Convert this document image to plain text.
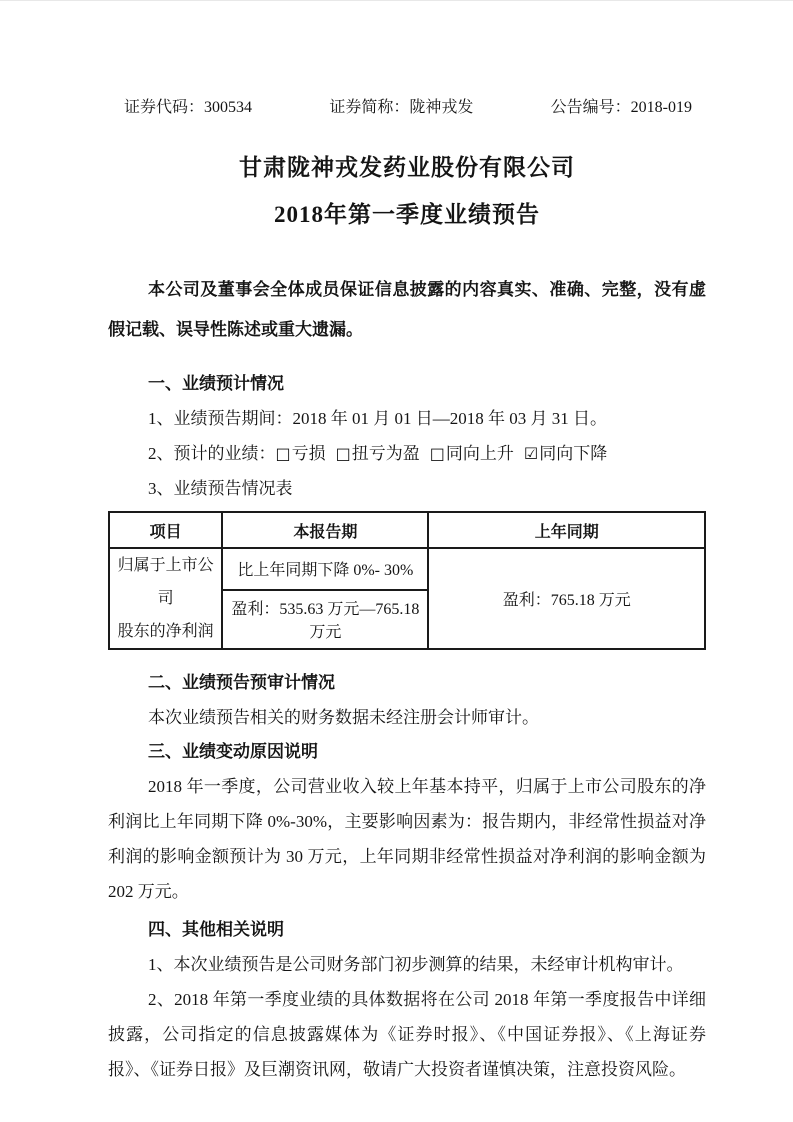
证券代码：300534	证券简称：陇神戎发	公告编号：2018-019
甘肃陇神戎发药业股份有限公司
2018年第一季度业绩预告

本公司及董事会全体成员保证信息披露的内容真实、准确、完整，没有虚假记载、误导性陈述或重大遗漏。

一、业绩预计情况
1、业绩预告期间：2018 年 01 月 01 日—2018 年 03 月 31 日。
2、预计的业绩：□亏损 □扭亏为盈 □同向上升 ☑同向下降
3、业绩预告情况表
项目	本报告期	上年同期

归属于上市公司
股东的净利润	比上年同期下降 0%- 30%	盈利：765.18 万元
	盈利：535.63 万元—765.18 万元	
二、业绩预告预审计情况
本次业绩预告相关的财务数据未经注册会计师审计。
三、业绩变动原因说明

2018 年一季度，公司营业收入较上年基本持平，归属于上市公司股东的净利润比上年同期下降 0%-30%，主要影响因素为：报告期内，非经常性损益对净利润的影响金额预计为 30 万元，上年同期非经常性损益对净利润的影响金额为 202 万元。

四、其他相关说明
1、本次业绩预告是公司财务部门初步测算的结果，未经审计机构审计。

2、2018 年第一季度业绩的具体数据将在公司 2018 年第一季度报告中详细披露，公司指定的信息披露媒体为《证券时报》、《中国证券报》、《上海证券报》、《证券日报》及巨潮资讯网，敬请广大投资者谨慎决策，注意投资风险。
